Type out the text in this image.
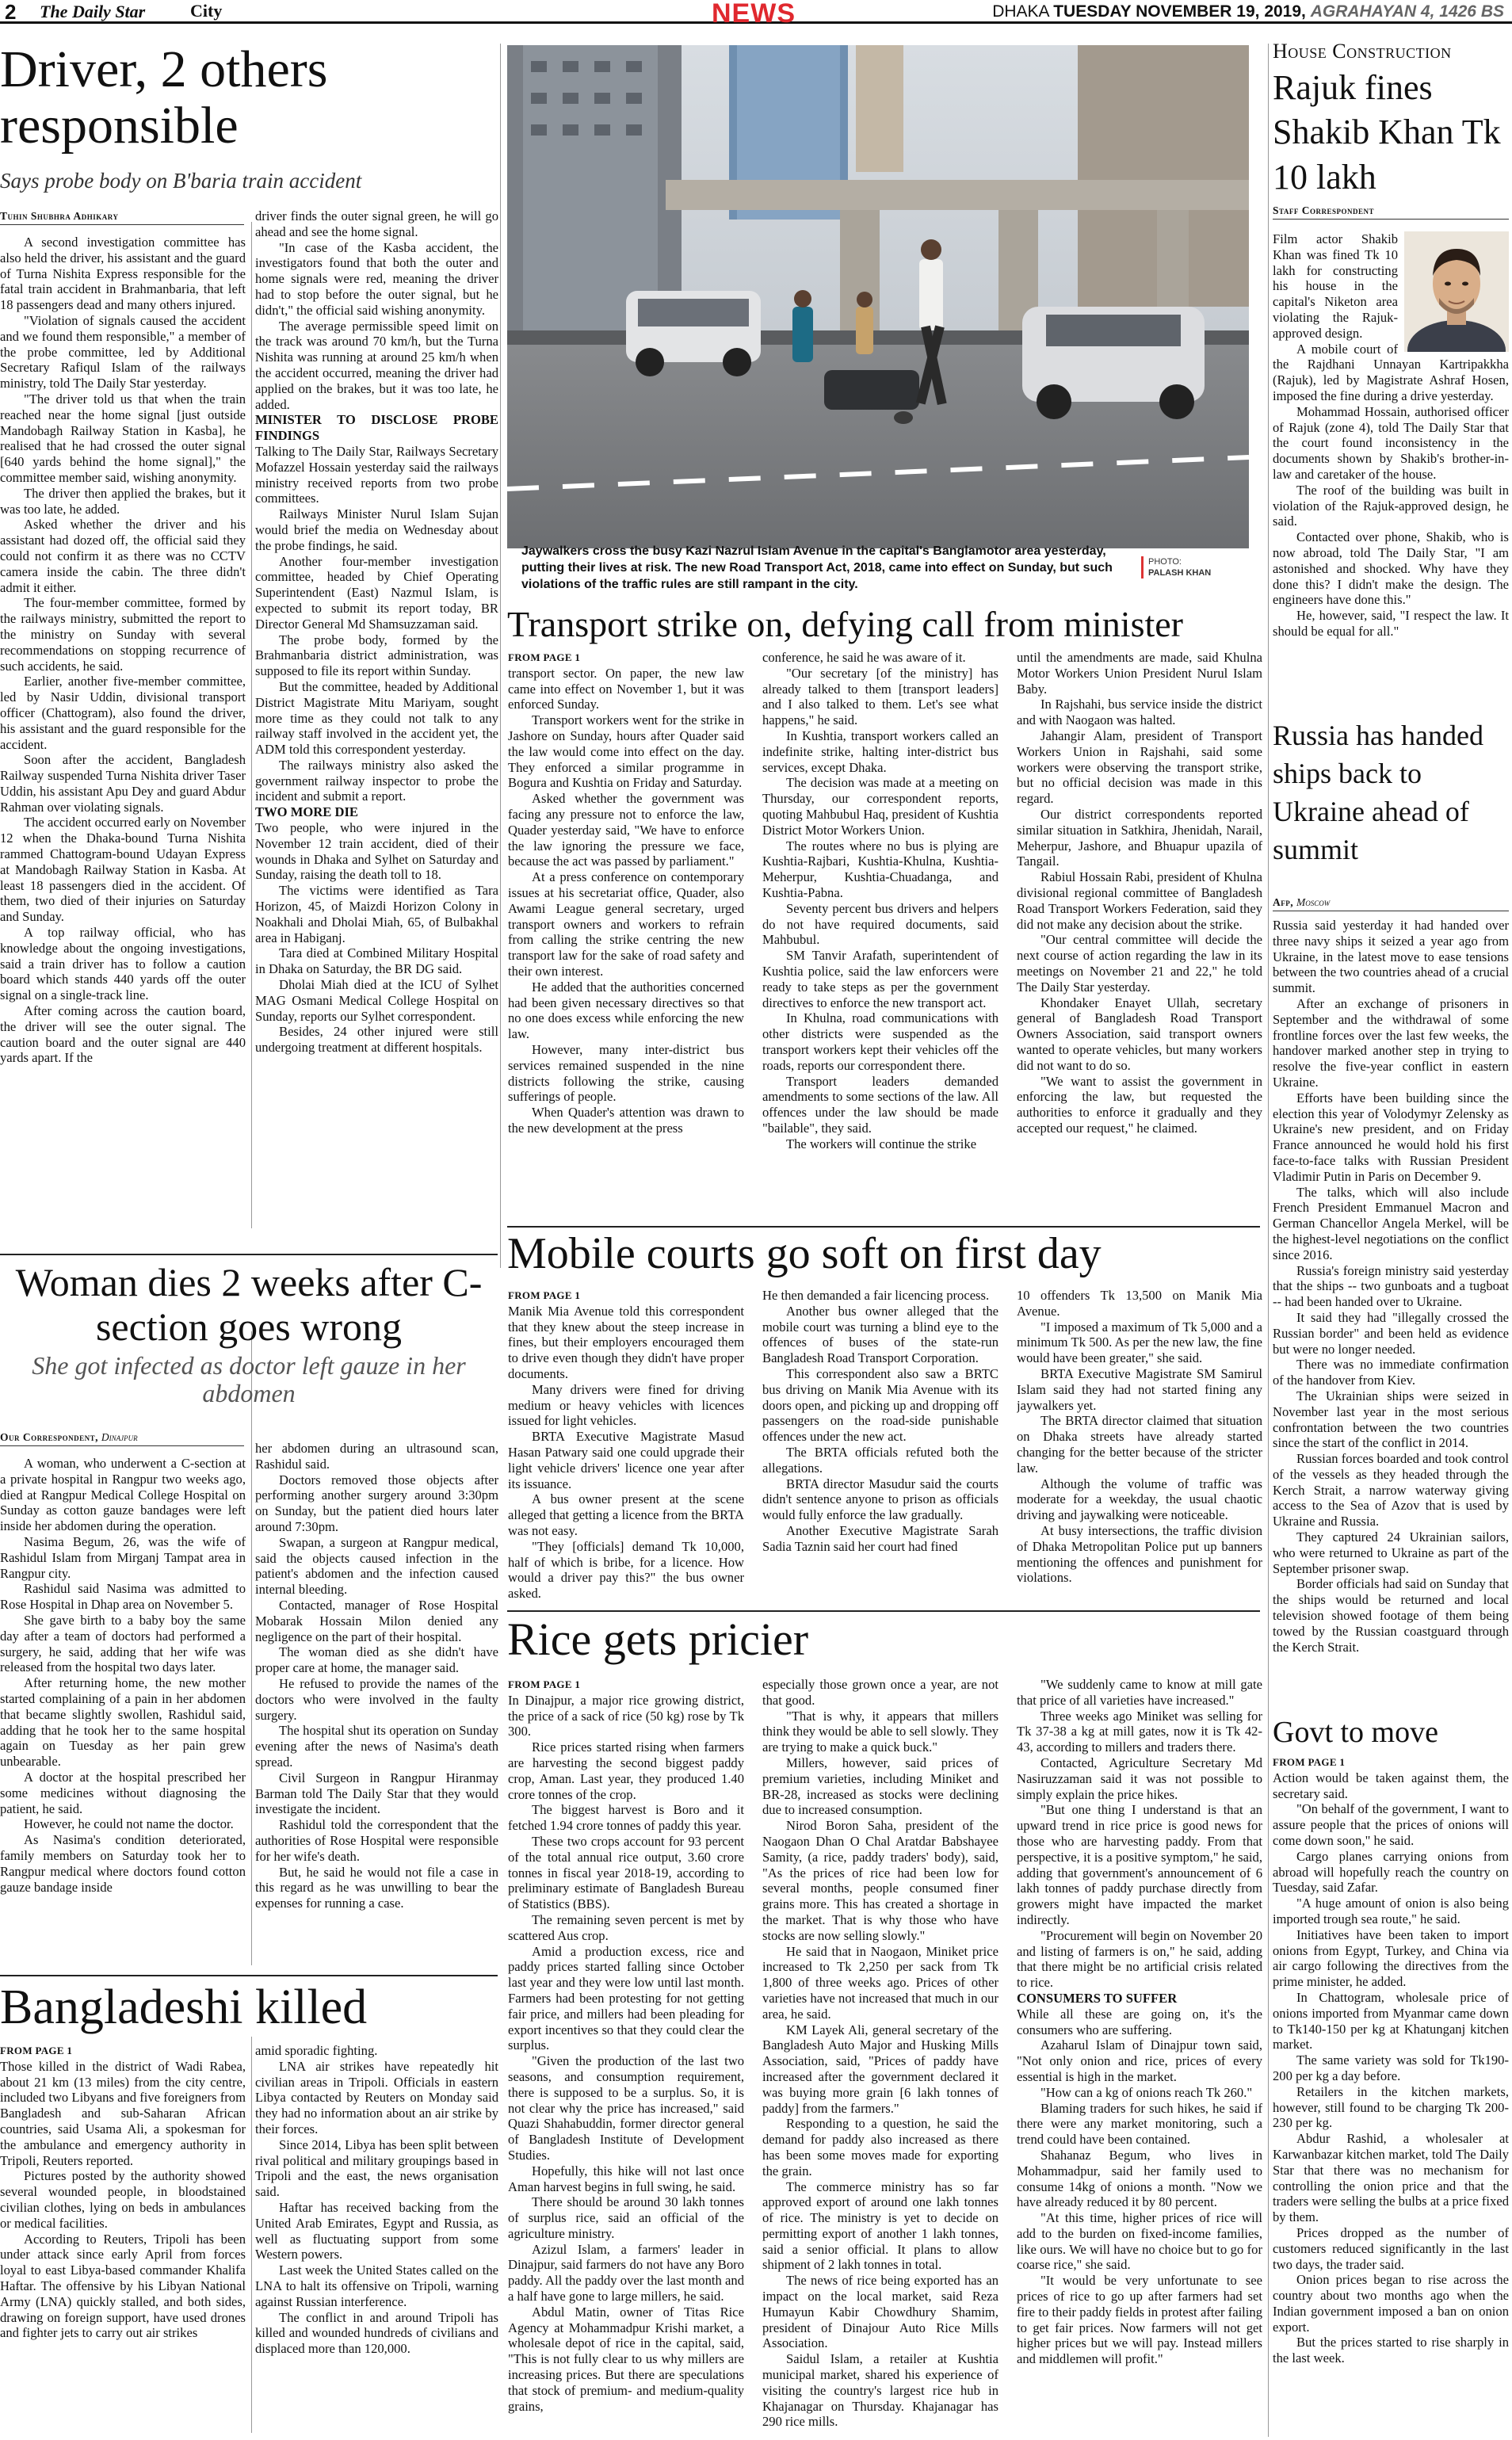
2 The Daily Star	City	NEWS	DHAKA TUESDAY NOVEMBER 19, 2019, AGRAHAYAN 4, 1426 BS
Driver, 2 others responsible
Says probe body on B'baria train accident
Tuhin Shubhra Adhikary

A second investigation committee has also held the driver, his assistant and the guard of Turna Nishita Express responsible for the fatal train accident in Brahmanbaria, that left 18 passengers dead and many others injured.

"Violation of signals caused the accident and we found them responsible," a member of the probe committee, led by Additional Secretary Rafiqul Islam of the railways ministry, told The Daily Star yesterday.

"The driver told us that when the train reached near the home signal [just outside Mandobagh Railway Station in Kasba], he realised that he had crossed the outer signal [640 yards behind the home signal]," the committee member said, wishing anonymity.

The driver then applied the brakes, but it was too late, he added.

Asked whether the driver and his assistant had dozed off, the official said they could not confirm it as there was no CCTV camera inside the cabin. The three didn't admit it either.

The four-member committee, formed by the railways ministry, submitted the report to the ministry on Sunday with several recommendations on stopping recurrence of such accidents, he said.

Earlier, another five-member committee, led by Nasir Uddin, divisional transport officer (Chattogram), also found the driver, his assistant and the guard responsible for the accident.

Soon after the accident, Bangladesh Railway suspended Turna Nishita driver Taser Uddin, his assistant Apu Dey and guard Abdur Rahman over violating signals.

The accident occurred early on November 12 when the Dhaka-bound Turna Nishita rammed Chattogram-bound Udayan Express at Mandobagh Railway Station in Kasba. At least 18 passengers died in the accident. Of them, two died of their injuries on Saturday and Sunday.

A top railway official, who has knowledge about the ongoing investigations, said a train driver has to follow a caution board which stands 440 yards off the outer signal on a single-track line.

After coming across the caution board, the driver will see the outer signal. The caution board and the outer signal are 440 yards apart. If the

driver finds the outer signal green, he will go ahead and see the home signal.

"In case of the Kasba accident, the investigators found that both the outer and home signals were red, meaning the driver had to stop before the outer signal, but he didn't," the official said wishing anonymity.

The average permissible speed limit on the track was around 70 km/h, but the Turna Nishita was running at around 25 km/h when the accident occurred, meaning the driver had applied on the brakes, but it was too late, he added.

MINISTER TO DISCLOSE PROBE FINDINGS

Talking to The Daily Star, Railways Secretary Mofazzel Hossain yesterday said the railways ministry received reports from two probe committees.

Railways Minister Nurul Islam Sujan would brief the media on Wednesday about the probe findings, he said.

Another four-member investigation committee, headed by Chief Operating Superintendent (East) Nazmul Islam, is expected to submit its report today, BR Director General Md Shamsuzzaman said.

The probe body, formed by the Brahmanbaria district administration, was supposed to file its report within Sunday.

But the committee, headed by Additional District Magistrate Mitu Mariyam, sought more time as they could not talk to any railway staff involved in the accident yet, the ADM told this correspondent yesterday.

The railways ministry also asked the government railway inspector to probe the incident and submit a report.

TWO MORE DIE

Two people, who were injured in the November 12 train accident, died of their wounds in Dhaka and Sylhet on Saturday and Sunday, raising the death toll to 18.

The victims were identified as Tara Horizon, 45, of Maizdi Horizon Colony in Noakhali and Dholai Miah, 65, of Bulbakhal area in Habiganj.

Tara died at Combined Military Hospital in Dhaka on Saturday, the BR DG said.

Dholai Miah died at the ICU of Sylhet MAG Osmani Medical College Hospital on Sunday, reports our Sylhet correspondent.

Besides, 24 other injured were still undergoing treatment at different hospitals.

Woman dies 2 weeks after C-section goes wrong
She got infected as doctor left gauze in her abdomen
Our Correspondent, Dinajpur

A woman, who underwent a C-section at a private hospital in Rangpur two weeks ago, died at Rangpur Medical College Hospital on Sunday as cotton gauze bandages were left inside her abdomen during the operation.

Nasima Begum, 26, was the wife of Rashidul Islam from Mirganj Tampat area in Rangpur city.

Rashidul said Nasima was admitted to Rose Hospital in Dhap area on November 5.

She gave birth to a baby boy the same day after a team of doctors had performed a surgery, he said, adding that her wife was released from the hospital two days later.

After returning home, the new mother started complaining of a pain in her abdomen that became slightly swollen, Rashidul said, adding that he took her to the same hospital again on Tuesday as her pain grew unbearable.

A doctor at the hospital prescribed her some medicines without diagnosing the patient, he said.

However, he could not name the doctor.

As Nasima's condition deteriorated, family members on Saturday took her to Rangpur medical where doctors found cotton gauze bandage inside

her abdomen during an ultrasound scan, Rashidul said.

Doctors removed those objects after performing another surgery around 3:30pm on Sunday, but the patient died hours later around 7:30pm.

Swapan, a surgeon at Rangpur medical, said the objects caused infection in the patient's abdomen and the infection caused internal bleeding.

Contacted, manager of Rose Hospital Mobarak Hossain Milon denied any negligence on the part of their hospital.

The woman died as she didn't have proper care at home, the manager said.

He refused to provide the names of the doctors who were involved in the faulty surgery.

The hospital shut its operation on Sunday evening after the news of Nasima's death spread.

Civil Surgeon in Rangpur Hiranmay Barman told The Daily Star that they would investigate the incident.

Rashidul told the correspondent that the authorities of Rose Hospital were responsible for her wife's death.

But, he said he would not file a case in this regard as he was unwilling to bear the expenses for running a case.

Bangladeshi killed

FROM PAGE 1

Those killed in the district of Wadi Rabea, about 21 km (13 miles) from the city centre, included two Libyans and five foreigners from Bangladesh and sub-Saharan African countries, said Usama Ali, a spokesman for the ambulance and emergency authority in Tripoli, Reuters reported.

Pictures posted by the authority showed several wounded people, in bloodstained civilian clothes, lying on beds in ambulances or medical facilities.

According to Reuters, Tripoli has been under attack since early April from forces loyal to east Libya-based commander Khalifa Haftar. The offensive by his Libyan National Army (LNA) quickly stalled, and both sides, drawing on foreign support, have used drones and fighter jets to carry out air strikes

amid sporadic fighting.

LNA air strikes have repeatedly hit civilian areas in Tripoli. Officials in eastern Libya contacted by Reuters on Monday said they had no information about an air strike by their forces.

Since 2014, Libya has been split between rival political and military groupings based in Tripoli and the east, the news organisation said.

Haftar has received backing from the United Arab Emirates, Egypt and Russia, as well as fluctuating support from some Western powers.

Last week the United States called on the LNA to halt its offensive on Tripoli, warning against Russian interference.

The conflict in and around Tripoli has killed and wounded hundreds of civilians and displaced more than 120,000.

Jaywalkers cross the busy Kazi Nazrul Islam Avenue in the capital's Banglamotor area yesterday, putting their lives at risk. The new Road Transport Act, 2018, came into effect on Sunday, but such violations of the traffic rules are still rampant in the city.
PHOTO:
PALASH KHAN
Transport strike on, defying call from minister

FROM PAGE 1

transport sector. On paper, the new law came into effect on November 1, but it was enforced Sunday.

Transport workers went for the strike in Jashore on Sunday, hours after Quader said the law would come into effect on the day. They enforced a similar programme in Bogura and Kushtia on Friday and Saturday.

Asked whether the government was facing any pressure not to enforce the law, Quader yesterday said, "We have to enforce the law ignoring the pressure we face, because the act was passed by parliament."

At a press conference on contemporary issues at his secretariat office, Quader, also Awami League general secretary, urged transport owners and workers to refrain from calling the strike centring the new transport law for the sake of road safety and their own interest.

He added that the authorities concerned had been given necessary directives so that no one does excess while enforcing the new law.

However, many inter-district bus services remained suspended in the nine districts following the strike, causing sufferings of people.

When Quader's attention was drawn to the new development at the press

conference, he said he was aware of it.

"Our secretary [of the ministry] has already talked to them [transport leaders] and I also talked to them. Let's see what happens," he said.

In Kushtia, transport workers called an indefinite strike, halting inter-district bus services, except Dhaka.

The decision was made at a meeting on Thursday, our correspondent reports, quoting Mahbubul Haq, president of Kushtia District Motor Workers Union.

The routes where no bus is plying are Kushtia-Rajbari, Kushtia-Khulna, Kushtia-Meherpur, Kushtia-Chuadanga, and Kushtia-Pabna.

Seventy percent bus drivers and helpers do not have required documents, said Mahbubul.

SM Tanvir Arafath, superintendent of Kushtia police, said the law enforcers were ready to take steps as per the government directives to enforce the new transport act.

In Khulna, road communications with other districts were suspended as the transport workers kept their vehicles off the roads, reports our correspondent there.

Transport leaders demanded amendments to some sections of the law. All offences under the law should be made "bailable", they said.

The workers will continue the strike

until the amendments are made, said Khulna Motor Workers Union President Nurul Islam Baby.

In Rajshahi, bus service inside the district and with Naogaon was halted.

Jahangir Alam, president of Transport Workers Union in Rajshahi, said some workers were observing the transport strike, but no official decision was made in this regard.

Our district correspondents reported similar situation in Satkhira, Jhenidah, Narail, Meherpur, Jashore, and Bhuapur upazila of Tangail.

Rabiul Hossain Rabi, president of Khulna divisional regional committee of Bangladesh Road Transport Workers Federation, said they did not make any decision about the strike.

"Our central committee will decide the next course of action regarding the law in its meetings on November 21 and 22," he told The Daily Star yesterday.

Khondaker Enayet Ullah, secretary general of Bangladesh Road Transport Owners Association, said transport owners wanted to operate vehicles, but many workers did not want to do so.

"We want to assist the government in enforcing the law, but requested the authorities to enforce it gradually and they accepted our request," he claimed.

Mobile courts go soft on first day

FROM PAGE 1

Manik Mia Avenue told this correspondent that they knew about the steep increase in fines, but their employers encouraged them to drive even though they didn't have proper documents.

Many drivers were fined for driving medium or heavy vehicles with licences issued for light vehicles.

BRTA Executive Magistrate Masud Hasan Patwary said one could upgrade their light vehicle drivers' licence one year after its issuance.

A bus owner present at the scene alleged that getting a licence from the BRTA was not easy.

"They [officials] demand Tk 10,000, half of which is bribe, for a licence. How would a driver pay this?" the bus owner asked.

He then demanded a fair licencing process.

Another bus owner alleged that the mobile court was turning a blind eye to the offences of buses of the state-run Bangladesh Road Transport Corporation.

This correspondent also saw a BRTC bus driving on Manik Mia Avenue with its doors open, and picking up and dropping off passengers on the road-side punishable offences under the new act.

The BRTA officials refuted both the allegations.

BRTA director Masudur said the courts didn't sentence anyone to prison as officials would fully enforce the law gradually.

Another Executive Magistrate Sarah Sadia Taznin said her court had fined

10 offenders Tk 13,500 on Manik Mia Avenue.

"I imposed a maximum of Tk 5,000 and a minimum Tk 500. As per the new law, the fine would have been greater," she said.

BRTA Executive Magistrate SM Samirul Islam said they had not started fining any jaywalkers yet.

The BRTA director claimed that situation on Dhaka streets have already started changing for the better because of the stricter law.

Although the volume of traffic was moderate for a weekday, the usual chaotic driving and jaywalking were noticeable.

At busy intersections, the traffic division of Dhaka Metropolitan Police put up banners mentioning the offences and punishment for violations.

Rice gets pricier

FROM PAGE 1

In Dinajpur, a major rice growing district, the price of a sack of rice (50 kg) rose by Tk 300.

Rice prices started rising when farmers are harvesting the second biggest paddy crop, Aman. Last year, they produced 1.40 crore tonnes of the crop.

The biggest harvest is Boro and it fetched 1.94 crore tonnes of paddy this year.

These two crops account for 93 percent of the total annual rice output, 3.60 crore tonnes in fiscal year 2018-19, according to preliminary estimate of Bangladesh Bureau of Statistics (BBS).

The remaining seven percent is met by scattered Aus crop.

Amid a production excess, rice and paddy prices started falling since October last year and they were low until last month. Farmers had been protesting for not getting fair price, and millers had been pleading for export incentives so that they could clear the surplus.

"Given the production of the last two seasons, and consumption requirement, there is supposed to be a surplus. So, it is not clear why the price has increased," said Quazi Shahabuddin, former director general of Bangladesh Institute of Development Studies.

Hopefully, this hike will not last once Aman harvest begins in full swing, he said.

There should be around 30 lakh tonnes of surplus rice, said an official of the agriculture ministry.

Azizul Islam, a farmers' leader in Dinajpur, said farmers do not have any Boro paddy. All the paddy over the last month and a half have gone to large millers, he said.

Abdul Matin, owner of Titas Rice Agency at Mohammadpur Krishi market, a wholesale depot of rice in the capital, said, "This is not fully clear to us why millers are increasing prices. But there are speculations that stock of premium- and medium-quality grains,

especially those grown once a year, are not that good.

"That is why, it appears that millers think they would be able to sell slowly. They are trying to make a quick buck."

Millers, however, said prices of premium varieties, including Miniket and BR-28, increased as stocks were declining due to increased consumption.

Nirod Boron Saha, president of the Naogaon Dhan O Chal Aratdar Babshayee Samity, (a rice, paddy traders' body), said, "As the prices of rice had been low for several months, people consumed finer grains more. This has created a shortage in the market. That is why those who have stocks are now selling slowly."

He said that in Naogaon, Miniket price increased to Tk 2,250 per sack from Tk 1,800 of three weeks ago. Prices of other varieties have not increased that much in our area, he said.

KM Layek Ali, general secretary of the Bangladesh Auto Major and Husking Mills Association, said, "Prices of paddy have increased after the government declared it was buying more grain [6 lakh tonnes of paddy] from the farmers."

Responding to a question, he said the demand for paddy also increased as there has been some moves made for exporting the grain.

The commerce ministry has so far approved export of around one lakh tonnes of rice. The ministry is yet to decide on permitting export of another 1 lakh tonnes, said a senior official. It plans to allow shipment of 2 lakh tonnes in total.

The news of rice being exported has an impact on the local market, said Reza Humayun Kabir Chowdhury Shamim, president of Dinajour Auto Rice Mills Association.

Saidul Islam, a retailer at Kushtia municipal market, shared his experience of visiting the country's largest rice hub in Khajanagar on Thursday. Khajanagar has 290 rice mills.

"We suddenly came to know at mill gate that price of all varieties have increased."

Three weeks ago Miniket was selling for Tk 37-38 a kg at mill gates, now it is Tk 42-43, according to millers and traders there.

Contacted, Agriculture Secretary Md Nasiruzzaman said it was not possible to simply explain the price hikes.

"But one thing I understand is that an upward trend in rice price is good news for those who are harvesting paddy. From that perspective, it is a positive symptom," he said, adding that government's announcement of 6 lakh tonnes of paddy purchase directly from growers might have impacted the market indirectly.

"Procurement will begin on November 20 and listing of farmers is on," he said, adding that there might be no artificial crisis related to rice.

CONSUMERS TO SUFFER

While all these are going on, it's the consumers who are suffering.

Azaharul Islam of Dinajpur town said, "Not only onion and rice, prices of every essential is high in the market.

"How can a kg of onions reach Tk 260."

Blaming traders for such hikes, he said if there were any market monitoring, such a trend could have been contained.

Shahanaz Begum, who lives in Mohammadpur, said her family used to consume 14kg of onions a month. "Now we have already reduced it by 80 percent.

"At this time, higher prices of rice will add to the burden on fixed-income families, like ours. We will have no choice but to go for coarse rice," she said.

"It would be very unfortunate to see prices of rice to go up after farmers had set fire to their paddy fields in protest after failing to get fair prices. Now farmers will not get higher prices but we will pay. Instead millers and middlemen will profit."

House Construction
Rajuk fines Shakib Khan Tk 10 lakh
Staff Correspondent

Film actor Shakib Khan was fined Tk 10 lakh for constructing his house in the capital's Niketon area violating the Rajuk-approved design.

A mobile court of the Rajdhani Unnayan Kartripakkha (Rajuk), led by Magistrate Ashraf Hosen, imposed the fine during a drive yesterday.

Mohammad Hossain, authorised officer of Rajuk (zone 4), told The Daily Star that the court found inconsistency in the documents shown by Shakib's brother-in-law and caretaker of the house.

The roof of the building was built in violation of the Rajuk-approved design, he said.

Contacted over phone, Shakib, who is now abroad, told The Daily Star, "I am astonished and shocked. Why have they done this? I didn't make the design. The engineers have done this."

He, however, said, "I respect the law. It should be equal for all."

Russia has handed ships back to Ukraine ahead of summit
Afp, Moscow

Russia said yesterday it had handed over three navy ships it seized a year ago from Ukraine, in the latest move to ease tensions between the two countries ahead of a crucial summit.

After an exchange of prisoners in September and the withdrawal of some frontline forces over the last few weeks, the handover marked another step in trying to resolve the five-year conflict in eastern Ukraine.

Efforts have been building since the election this year of Volodymyr Zelensky as Ukraine's new president, and on Friday France announced he would hold his first face-to-face talks with Russian President Vladimir Putin in Paris on December 9.

The talks, which will also include French President Emmanuel Macron and German Chancellor Angela Merkel, will be the highest-level negotiations on the conflict since 2016.

Russia's foreign ministry said yesterday that the ships -- two gunboats and a tugboat -- had been handed over to Ukraine.

It said they had "illegally crossed the Russian border" and been held as evidence but were no longer needed.

There was no immediate confirmation of the handover from Kiev.

The Ukrainian ships were seized in November last year in the most serious confrontation between the two countries since the start of the conflict in 2014.

Russian forces boarded and took control of the vessels as they headed through the Kerch Strait, a narrow waterway giving access to the Sea of Azov that is used by Ukraine and Russia.

They captured 24 Ukrainian sailors, who were returned to Ukraine as part of the September prisoner swap.

Border officials had said on Sunday that the ships would be returned and local television showed footage of them being towed by the Russian coastguard through the Kerch Strait.

Govt to move

FROM PAGE 1

Action would be taken against them, the secretary said.

"On behalf of the government, I want to assure people that the prices of onions will come down soon," he said.

Cargo planes carrying onions from abroad will hopefully reach the country on Tuesday, said Zafar.

"A huge amount of onion is also being imported trough sea route," he said.

Initiatives have been taken to import onions from Egypt, Turkey, and China via air cargo following the directives from the prime minister, he added.

In Chattogram, wholesale price of onions imported from Myanmar came down to Tk140-150 per kg at Khatunganj kitchen market.

The same variety was sold for Tk190-200 per kg a day before.

Retailers in the kitchen markets, however, still found to be charging Tk 200-230 per kg.

Abdur Rashid, a wholesaler at Karwanbazar kitchen market, told The Daily Star that there was no mechanism for controlling the onion price and that the traders were selling the bulbs at a price fixed by them.

Prices dropped as the number of customers reduced significantly in the last two days, the trader said.

Onion prices began to rise across the country about two months ago when the Indian government imposed a ban on onion export.

But the prices started to rise sharply in the last week.
